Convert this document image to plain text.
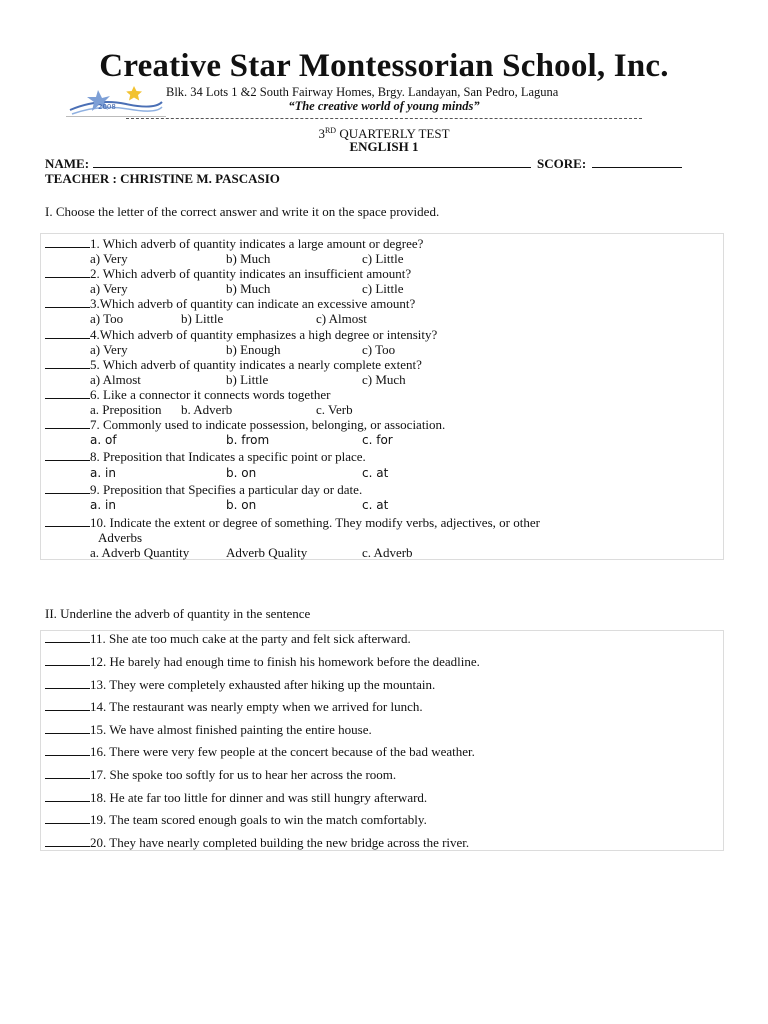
Creative Star Montessorian School, Inc.
2008
Blk. 34 Lots 1 &2 South Fairway Homes, Brgy. Landayan, San Pedro, Laguna
“The creative world of young minds”
3RD QUARTERLY TEST
ENGLISH 1
NAME:	SCORE:
TEACHER : CHRISTINE M. PASCASIO
I. Choose the letter of the correct answer and write it on the space provided.
1. Which adverb of quantity indicates a large amount or degree?
a) Very	b) Much	c) Little
2. Which adverb of quantity indicates an insufficient amount?
a) Very	b) Much	c) Little
3.Which adverb of quantity can indicate an excessive amount?
a) Too	b) Little	c) Almost
4.Which adverb of quantity emphasizes a high degree or intensity?
a) Very	b) Enough	c) Too
5. Which adverb of quantity indicates a nearly complete extent?
a) Almost	b) Little	c) Much
6. Like a connector it connects words together
a. Preposition b. Adverb	c. Verb
7. Commonly used to indicate possession, belonging, or association.
a. of	b. from	c. for
8. Preposition that Indicates a specific point or place.
a. in	b. on	c. at
9. Preposition that Specifies a particular day or date.
a. in	b. on	c. at
10. Indicate the extent or degree of something. They modify verbs, adjectives, or other
Adverbs
a. Adverb Quantity	Adverb Quality	c. Adverb
II. Underline the adverb of quantity in the sentence
11. She ate too much cake at the party and felt sick afterward.
12. He barely had enough time to finish his homework before the deadline.
13. They were completely exhausted after hiking up the mountain.
14. The restaurant was nearly empty when we arrived for lunch.
15. We have almost finished painting the entire house.
16. There were very few people at the concert because of the bad weather.
17. She spoke too softly for us to hear her across the room.
18. He ate far too little for dinner and was still hungry afterward.
19. The team scored enough goals to win the match comfortably.
20. They have nearly completed building the new bridge across the river.
